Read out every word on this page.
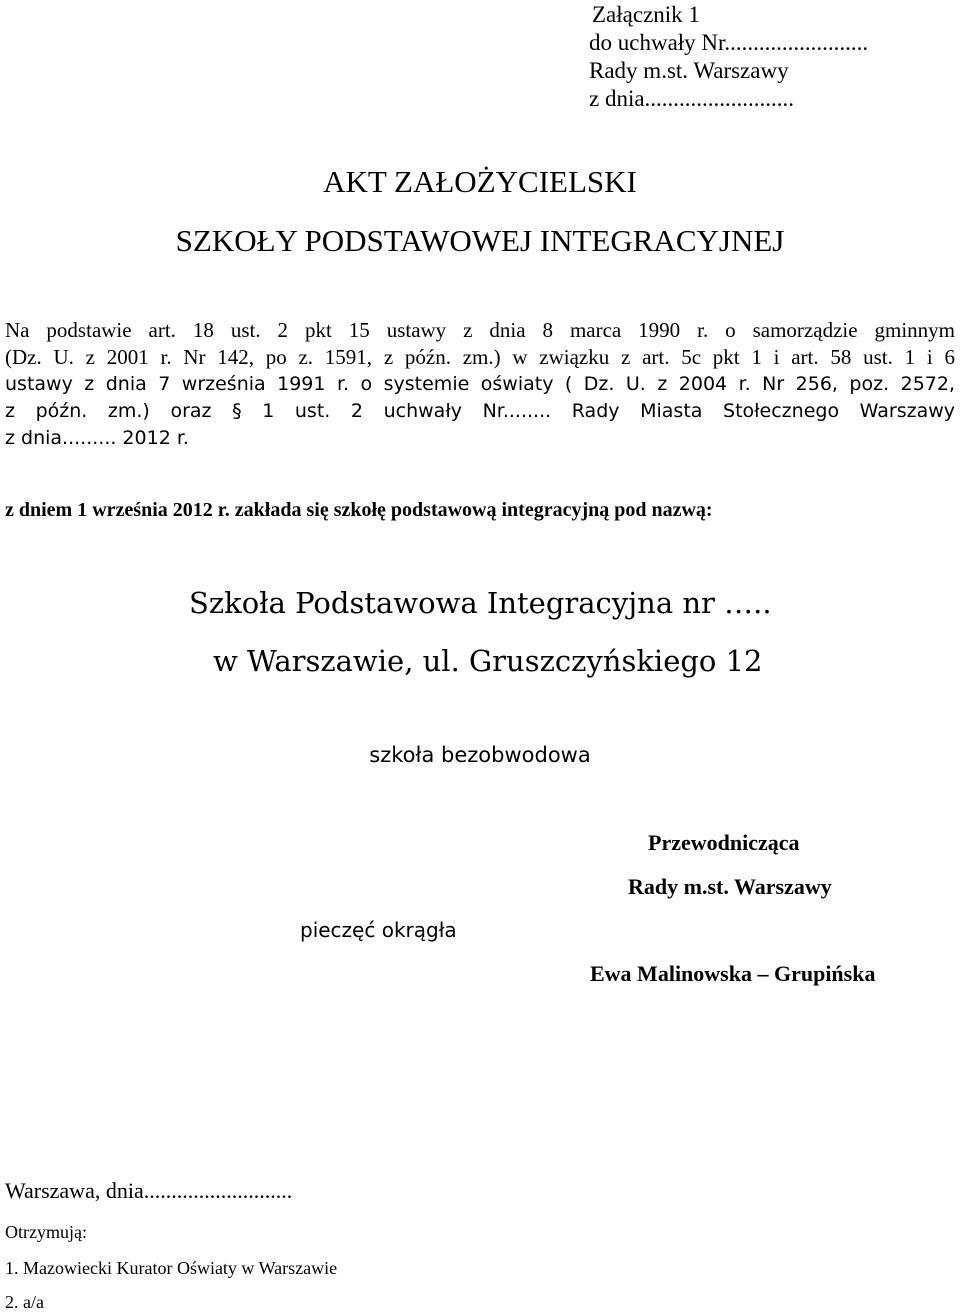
Załącznik 1
do uchwały Nr.........................
Rady m.st. Warszawy
z dnia..........................
AKT ZAŁOŻYCIELSKI
SZKOŁY PODSTAWOWEJ INTEGRACYJNEJ
Na podstawie art. 18 ust. 2 pkt 15 ustawy z dnia 8 marca 1990 r. o samorządzie gminnym
(Dz. U. z 2001 r. Nr 142, po z. 1591, z późn. zm.) w związku z art. 5c pkt 1 i art. 58 ust. 1 i 6
ustawy z dnia 7 września 1991 r. o systemie oświaty ( Dz. U. z 2004 r. Nr 256, poz. 2572,
z późn. zm.) oraz § 1 ust. 2 uchwały Nr........ Rady Miasta Stołecznego Warszawy
z dnia......... 2012 r.
z dniem 1 września 2012 r. zakłada się szkołę podstawową integracyjną pod nazwą:
Szkoła Podstawowa Integracyjna nr …..
w Warszawie, ul. Gruszczyńskiego 12
szkoła bezobwodowa
Przewodnicząca
Rady m.st. Warszawy
pieczęć okrągła
Ewa Malinowska – Grupińska
Warszawa, dnia...........................
Otrzymują:
1. Mazowiecki Kurator Oświaty w Warszawie
2. a/a
